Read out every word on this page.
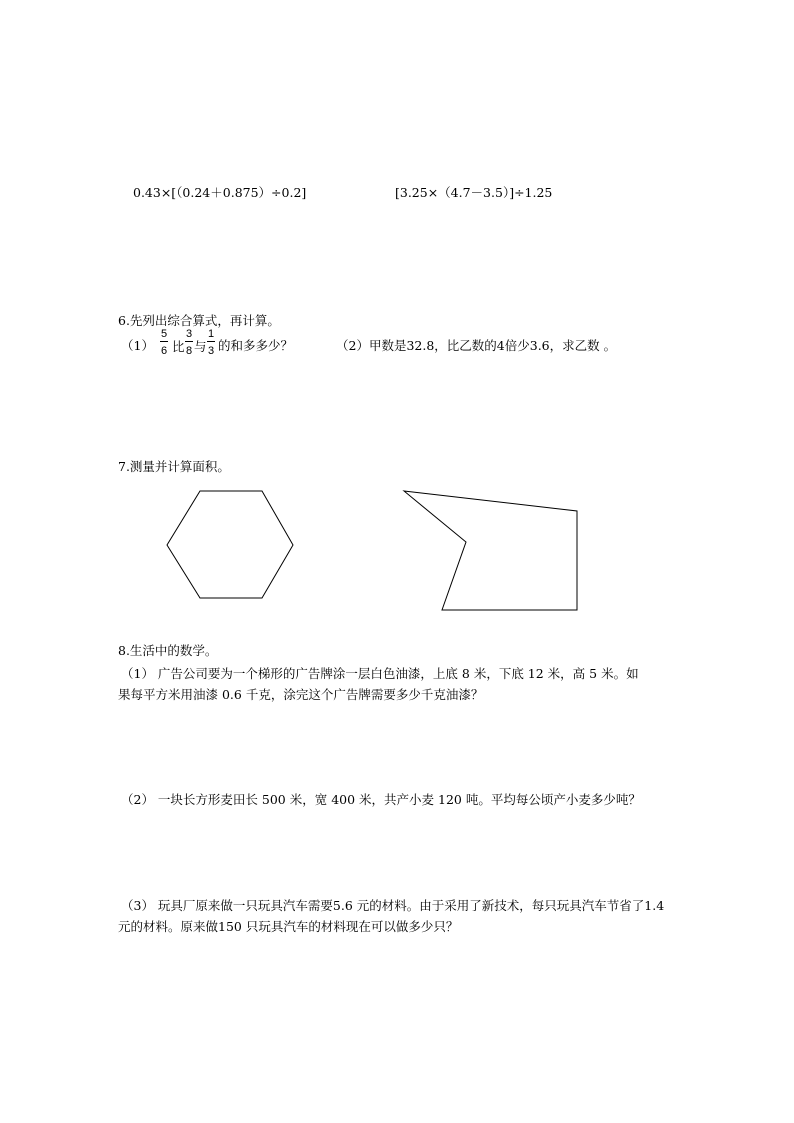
0.43×[（0.24＋0.875）÷0.2]	[3.25×（4.7－3.5）]÷1.25
6.先列出综合算式，再计算。
（1）
5
6 比
3
8 与
1
3 的和多多少？	（2）甲数是32.8，比乙数的4倍少3.6，求乙数 。
7.测量并计算面积。
8.生活中的数学。
（1） 广告公司要为一个梯形的广告牌涂一层白色油漆，上底 8 米，下底 12 米，高 5 米。如
果每平方米用油漆 0.6 千克，涂完这个广告牌需要多少千克油漆？
（2） 一块长方形麦田长 500 米，宽 400 米，共产小麦 120 吨。平均每公顷产小麦多少吨？
（3） 玩具厂原来做一只玩具汽车需要5.6 元的材料。由于采用了新技术，每只玩具汽车节省了1.4
元的材料。原来做150 只玩具汽车的材料现在可以做多少只？
